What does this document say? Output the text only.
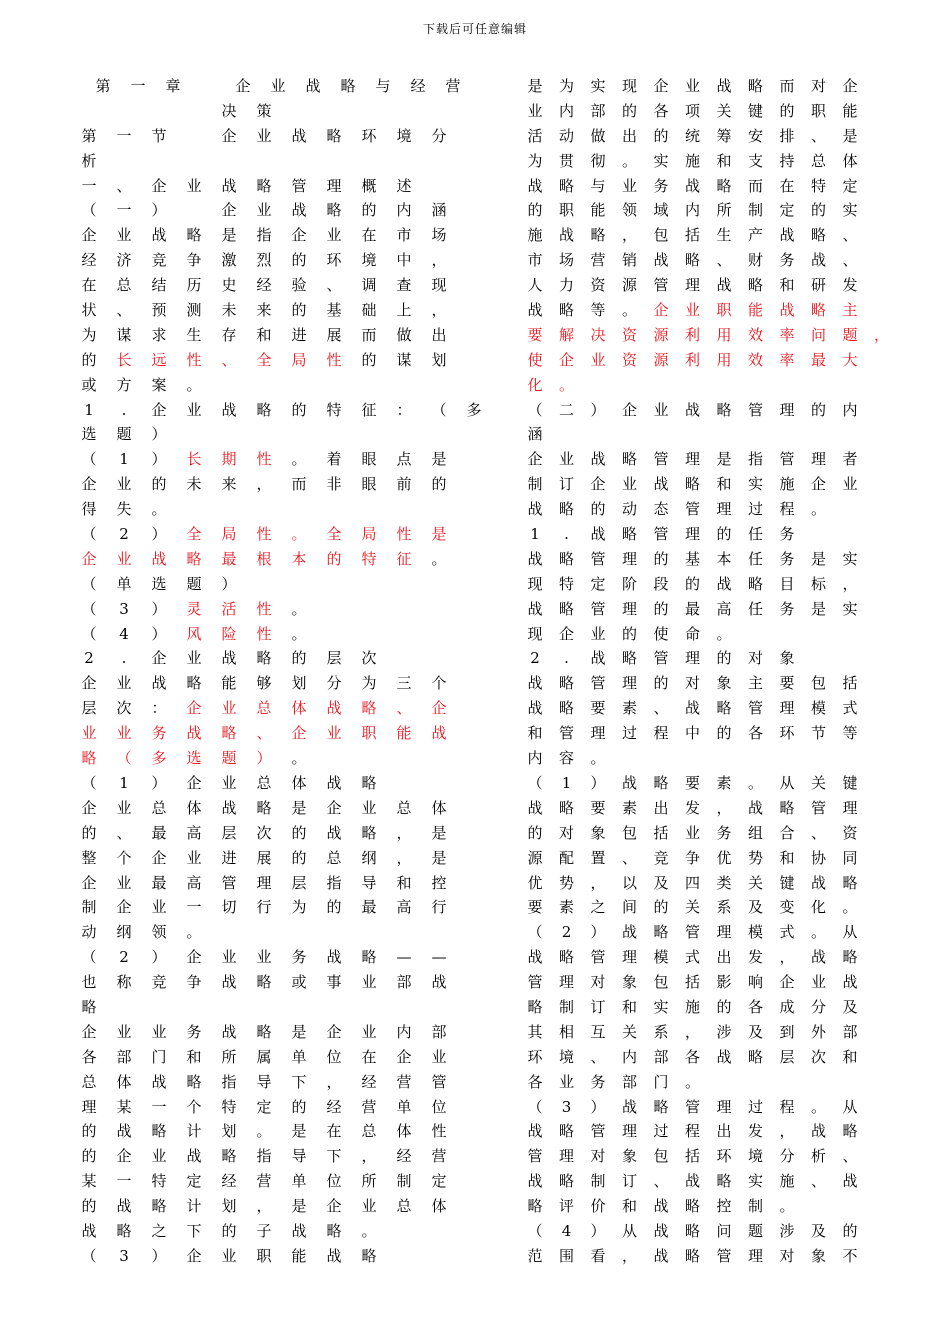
下载后可任意编辑
第 一 章　	企 业 战 略 与 经 营
决 策
第 一 节　	企 业 战 略 环 境 分
析
一 、 企 业 战 略 管 理 概 述
（ 一 ）　	企 业 战 略 的 内 涵
企 业 战 略 是 指 企 业 在 市 场
经 济 竞 争 激 烈 的 环 境 中 ，
在 总 结 历 史 经 验 、 调 查 现
状 、 预 测 未 来 的 基 础 上 ，
为 谋 求 生 存 和 进 展 而 做 出
的 长 远 性 、 全 局 性 的 谋 划
或 方 案 。
1 . 企 业 战 略 的 特 征 ： （ 多
选 题 ）
（ 1 ） 长 期 性 。 着 眼 点 是
企 业 的 未 来 ， 而 非 眼 前 的
得 失 。
（ 2 ） 全 局 性 。 全 局 性 是
企 业 战 略 最 根 本 的 特 征 。
（ 单 选 题 ）
（ 3 ） 灵 活 性 。
（ 4 ） 风 险 性 。
2 . 企 业 战 略 的 层 次
企 业 战 略 能 够 划 分 为 三 个
层 次 ： 企 业 总 体 战 略 、 企
业 业 务 战 略 、 企 业 职 能 战
略 （ 多 选 题 ） 。
（ 1 ） 企 业 总 体 战 略
企 业 总 体 战 略 是 企 业 总 体
的 、 最 高 层 次 的 战 略 ， 是
整 个 企 业 进 展 的 总 纲 ， 是
企 业 最 高 管 理 层 指 导 和 控
制 企 业 一 切 行 为 的 最 高 行
动 纲 领 。
（ 2 ） 企 业 业 务 战 略 — —
也 称 竞 争 战 略 或 事 业 部 战
略
企 业 业 务 战 略 是 企 业 内 部
各 部 门 和 所 属 单 位 在 企 业
总 体 战 略 指 导 下 ， 经 营 管
理 某 一 个 特 定 的 经 营 单 位
的 战 略 计 划 。 是 在 总 体 性
的 企 业 战 略 指 导 下 ， 经 营
某 一 特 定 经 营 单 位 所 制 定
的 战 略 计 划 ， 是 企 业 总 体
战 略 之 下 的 子 战 略 。
（ 3 ） 企 业 职 能 战 略
是 为 实 现 企 业 战 略 而 对 企
业 内 部 的 各 项 关 键 的 职 能
活 动 做 出 的 统 筹 安 排 、 是
为 贯 彻 。 实 施 和 支 持 总 体
战 略 与 业 务 战 略 而 在 特 定
的 职 能 领 域 内 所 制 定 的 实
施 战 略 ， 包 括 生 产 战 略 、
市 场 营 销 战 略 、 财 务 战 、
人 力 资 源 管 理 战 略 和 研 发
战 略 等 。 企 业 职 能 战 略 主
要 解 决 资 源 利 用 效 率 问 题 ，
使 企 业 资 源 利 用 效 率 最 大
化 。
（ 二 ） 企 业 战 略 管 理 的 内
涵
企 业 战 略 管 理 是 指 管 理 者
制 订 企 业 战 略 和 实 施 企 业
战 略 的 动 态 管 理 过 程 。
1 . 战 略 管 理 的 任 务
战 略 管 理 的 基 本 任 务 是 实
现 特 定 阶 段 的 战 略 目 标 ，
战 略 管 理 的 最 高 任 务 是 实
现 企 业 的 使 命 。
2 . 战 略 管 理 的 对 象
战 略 管 理 的 对 象 主 要 包 括
战 略 要 素 、 战 略 管 理 模 式
和 管 理 过 程 中 的 各 环 节 等
内 容 。
（ 1 ） 战 略 要 素 。 从 关 键
战 略 要 素 出 发 ， 战 略 管 理
的 对 象 包 括 业 务 组 合 、 资
源 配 置 、 竞 争 优 势 和 协 同
优 势 ， 以 及 四 类 关 键 战 略
要 素 之 间 的 关 系 及 变 化 。
（ 2 ） 战 略 管 理 模 式 。 从
战 略 管 理 模 式 出 发 ， 战 略
管 理 对 象 包 括 影 响 企 业 战
略 制 订 和 实 施 的 各 成 分 及
其 相 互 关 系 ， 涉 及 到 外 部
环 境 、 内 部 各 战 略 层 次 和
各 业 务 部 门 。
（ 3 ） 战 略 管 理 过 程 。 从
战 略 管 理 过 程 出 发 ， 战 略
管 理 对 象 包 括 环 境 分 析 、
战 略 制 订 、 战 略 实 施 、 战
略 评 价 和 战 略 控 制 。
（ 4 ） 从 战 略 问 题 涉 及 的
范 围 看 ， 战 略 管 理 对 象 不
